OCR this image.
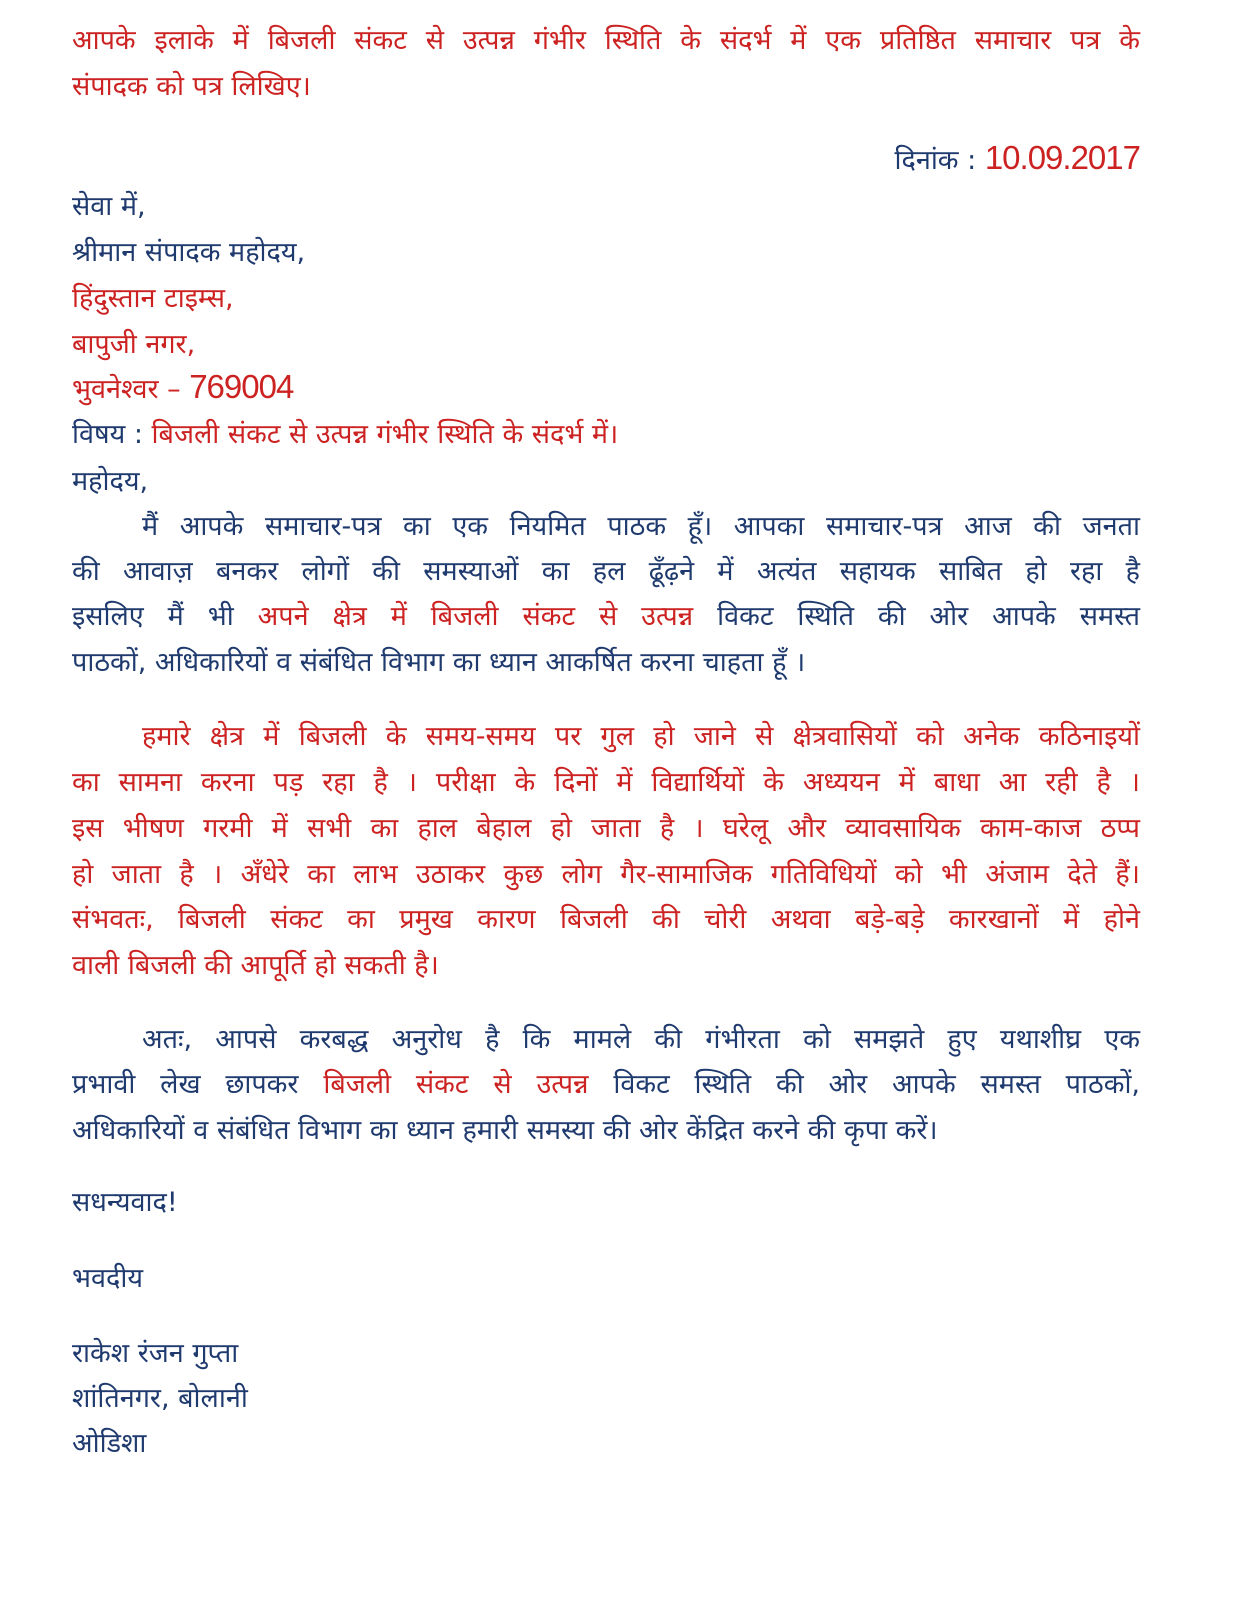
आपके इलाके में बिजली संकट से उत्पन्न गंभीर स्थिति के संदर्भ में एक प्रतिष्ठित समाचार पत्र के
संपादक को पत्र लिखिए।
दिनांक : 10.09.2017
सेवा में,
श्रीमान संपादक महोदय,
हिंदुस्तान टाइम्स,
बापुजी नगर,
भुवनेश्वर – 769004
विषय : बिजली संकट से उत्पन्न गंभीर स्थिति के संदर्भ में।
महोदय,
मैं आपके समाचार-पत्र का एक नियमित पाठक हूँ। आपका समाचार-पत्र आज की जनता
की आवाज़ बनकर लोगों की समस्याओं का हल ढूँढ़ने में अत्यंत सहायक साबित हो रहा है
इसलिए मैं भी अपने क्षेत्र में बिजली संकट से उत्पन्न विकट स्थिति की ओर आपके समस्त
पाठकों, अधिकारियों व संबंधित विभाग का ध्यान आकर्षित करना चाहता हूँ ।
हमारे क्षेत्र में बिजली के समय-समय पर गुल हो जाने से क्षेत्रवासियों को अनेक कठिनाइयों
का सामना करना पड़ रहा है । परीक्षा के दिनों में विद्यार्थियों के अध्ययन में बाधा आ रही है ।
इस भीषण गरमी में सभी का हाल बेहाल हो जाता है । घरेलू और व्यावसायिक काम-काज ठप्प
हो जाता है । अँधेरे का लाभ उठाकर कुछ लोग गैर-सामाजिक गतिविधियों को भी अंजाम देते हैं।
संभवतः, बिजली संकट का प्रमुख कारण बिजली की चोरी अथवा बड़े-बड़े कारखानों में होने
वाली बिजली की आपूर्ति हो सकती है।
अतः, आपसे करबद्ध अनुरोध है कि मामले की गंभीरता को समझते हुए यथाशीघ्र एक
प्रभावी लेख छापकर बिजली संकट से उत्पन्न विकट स्थिति की ओर आपके समस्त पाठकों,
अधिकारियों व संबंधित विभाग का ध्यान हमारी समस्या की ओर केंद्रित करने की कृपा करें।
सधन्यवाद!
भवदीय
राकेश रंजन गुप्ता
शांतिनगर, बोलानी
ओडिशा
